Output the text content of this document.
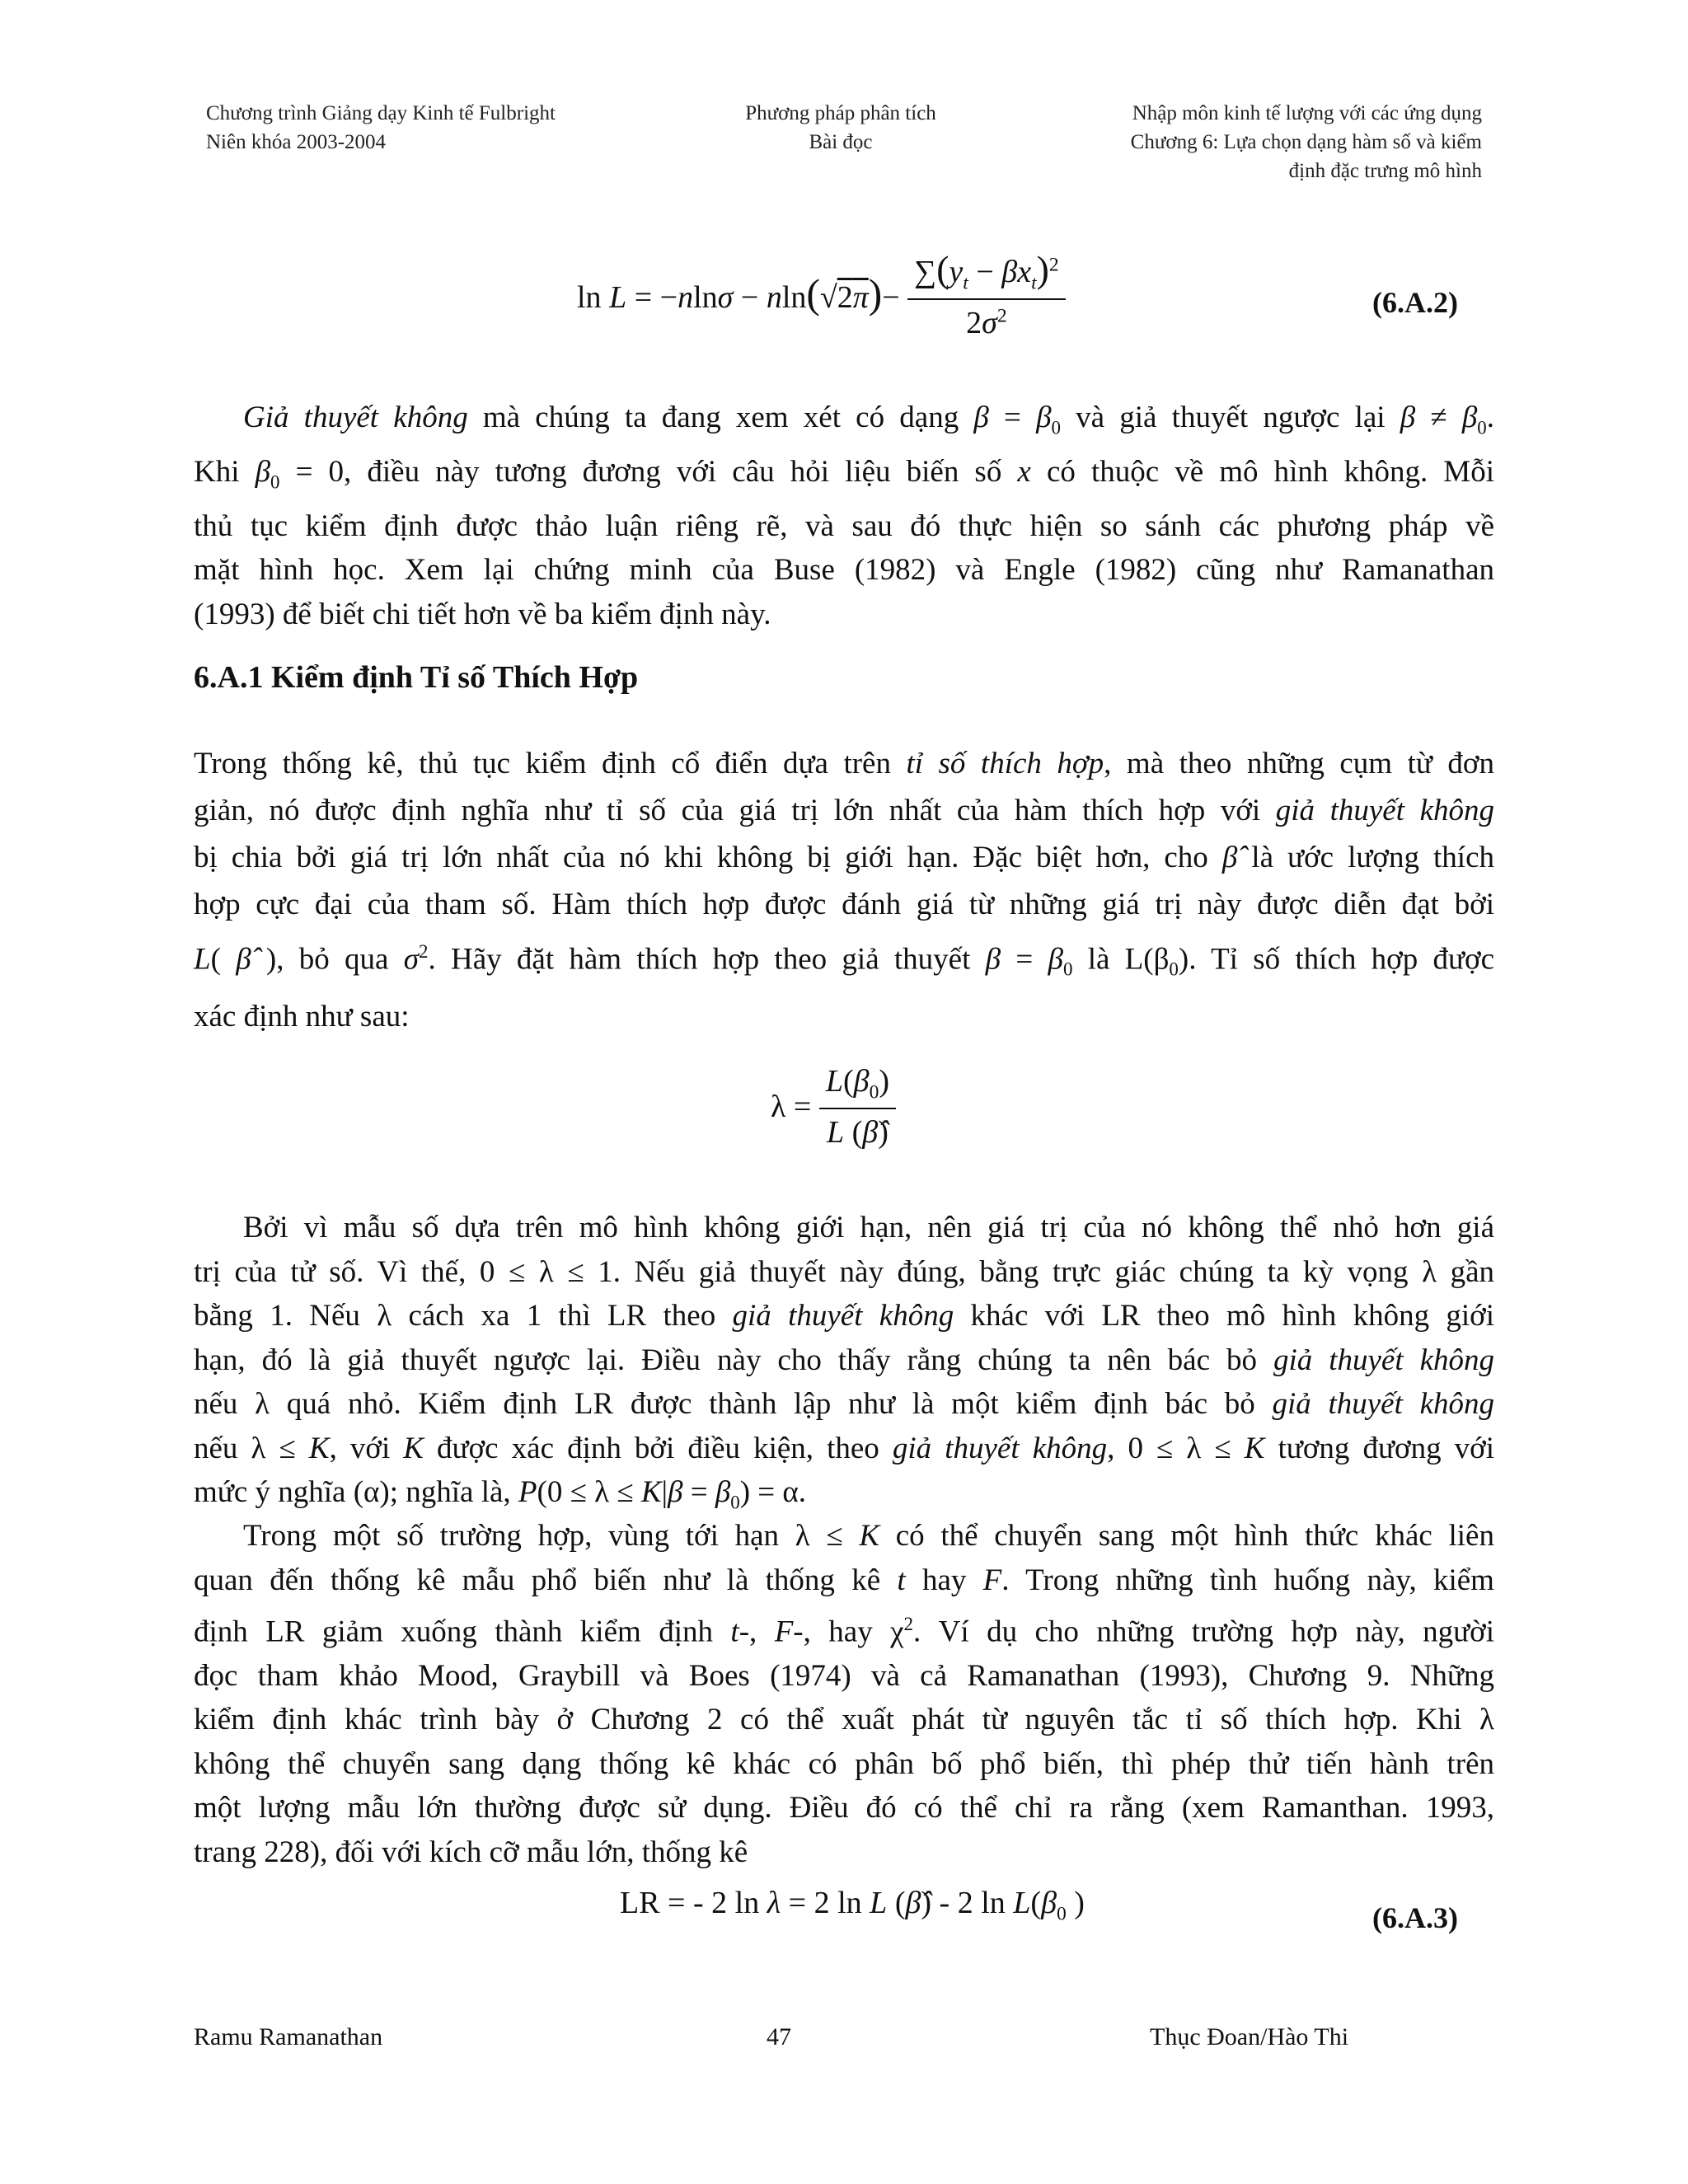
Chương trình Giảng dạy Kinh tế Fulbright
Niên khóa 2003-2004
Phương pháp phân tích
Bài đọc
Nhập môn kinh tế lượng với các ứng dụng
Chương 6: Lựa chọn dạng hàm số và kiểm
định đặc trưng mô hình
$\ln L = -nln\sigma - nln(√2\pi)- \frac{\sum(y_t - \beta x_t)^2}{2\sigma^2}$	(6.A.2)
Giả thuyết không mà chúng ta đang xem xét có dạng $\beta = \beta_0$ và giả thuyết ngược lại $\beta \ne \beta_0$.
Khi $\beta_0 = 0$, điều này tương đương với câu hỏi liệu biến số x có thuộc về mô hình không. Mỗi
thủ tục kiểm định được thảo luận riêng rẽ, và sau đó thực hiện so sánh các phương pháp về
mặt hình học. Xem lại chứng minh của Buse (1982) và Engle (1982) cũng như Ramanathan
(1993) để biết chi tiết hơn về ba kiểm định này.
6.A.1 Kiểm định Tỉ số Thích Hợp
Trong thống kê, thủ tục kiểm định cổ điển dựa trên tỉ số thích hợp, mà theo những cụm từ đơn
giản, nó được định nghĩa như tỉ số của giá trị lớn nhất của hàm thích hợp với giả thuyết không
bị chia bởi giá trị lớn nhất của nó khi không bị giới hạn. Đặc biệt hơn, cho β̂ là ước lượng thích
hợp cực đại của tham số. Hàm thích hợp được đánh giá từ những giá trị này được diễn đạt bởi
L( β̂ ), bỏ qua $\sigma^2$. Hãy đặt hàm thích hợp theo giả thuyết $\beta = \beta_0$ là $L(\beta_0)$. Tỉ số thích hợp được
xác định như sau:
$\lambda = \frac{L(\beta_0)}{L (\betâ)}$
Bởi vì mẫu số dựa trên mô hình không giới hạn, nên giá trị của nó không thể nhỏ hơn giá
trị của tử số. Vì thế, 0 ≤ λ ≤ 1. Nếu giả thuyết này đúng, bằng trực giác chúng ta kỳ vọng λ gần
bằng 1. Nếu λ cách xa 1 thì LR theo giả thuyết không khác với LR theo mô hình không giới
hạn, đó là giả thuyết ngược lại. Điều này cho thấy rằng chúng ta nên bác bỏ giả thuyết không
nếu λ quá nhỏ. Kiểm định LR được thành lập như là một kiểm định bác bỏ giả thuyết không
nếu λ ≤ K, với K được xác định bởi điều kiện, theo giả thuyết không, 0 ≤ λ ≤ K tương đương với
mức ý nghĩa (α); nghĩa là, $P(0 \le \lambda \le K|\beta = \beta_0) = \alpha$.
Trong một số trường hợp, vùng tới hạn λ ≤ K có thể chuyển sang một hình thức khác liên
quan đến thống kê mẫu phổ biến như là thống kê t hay F. Trong những tình huống này, kiểm
định LR giảm xuống thành kiểm định t-, F-, hay $\chi^2$. Ví dụ cho những trường hợp này, người
đọc tham khảo Mood, Graybill và Boes (1974) và cả Ramanathan (1993), Chương 9. Những
kiểm định khác trình bày ở Chương 2 có thể xuất phát từ nguyên tắc tỉ số thích hợp. Khi λ
không thể chuyển sang dạng thống kê khác có phân bố phổ biến, thì phép thử tiến hành trên
một lượng mẫu lớn thường được sử dụng. Điều đó có thể chỉ ra rằng (xem Ramanthan. 1993,
trang 228), đối với kích cỡ mẫu lớn, thống kê
LR = - 2 ln λ = 2 ln L (β̂) - 2 $\ln L(\beta_0$ )	(6.A.3)
Ramu Ramanathan	47	Thục Đoan/Hào Thi
